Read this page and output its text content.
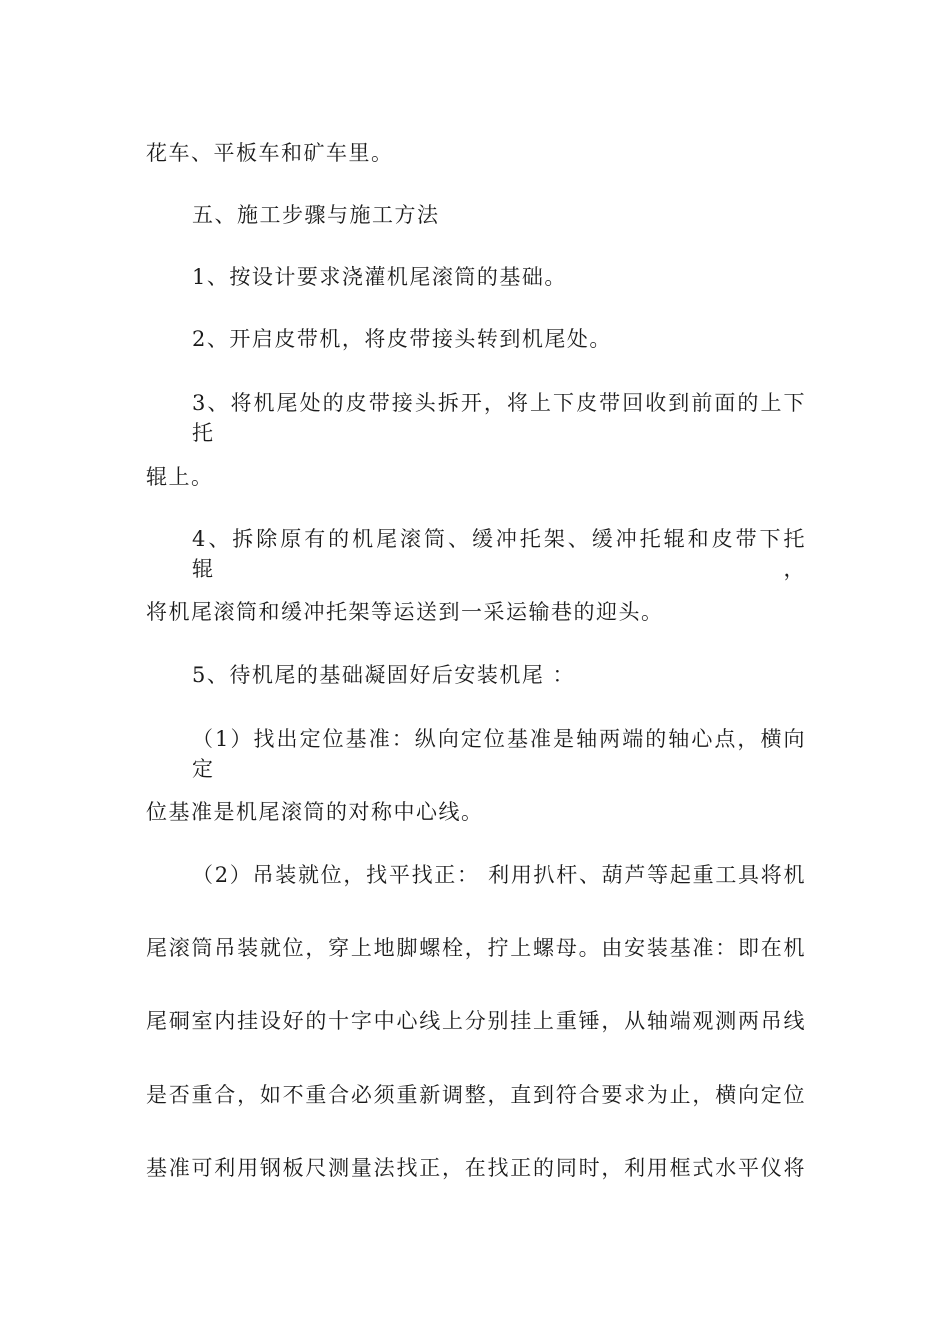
花车、平板车和矿车里。
五、施工步骤与施工方法
1、按设计要求浇灌机尾滚筒的基础。
2、开启皮带机，将皮带接头转到机尾处。
3、将机尾处的皮带接头拆开，将上下皮带回收到前面的上下托
辊上。
4、拆除原有的机尾滚筒、缓冲托架、缓冲托辊和皮带下托辊，
将机尾滚筒和缓冲托架等运送到一采运输巷的迎头。
5、待机尾的基础凝固好后安装机尾 ：
（1）找出定位基准：纵向定位基准是轴两端的轴心点，横向定
位基准是机尾滚筒的对称中心线。
（2）吊装就位，找平找正： 利用扒杆、葫芦等起重工具将机
尾滚筒吊装就位，穿上地脚螺栓，拧上螺母。由安装基准：即在机
尾硐室内挂设好的十字中心线上分别挂上重锤，从轴端观测两吊线
是否重合，如不重合必须重新调整，直到符合要求为止，横向定位
基准可利用钢板尺测量法找正，在找正的同时，利用框式水平仪将
